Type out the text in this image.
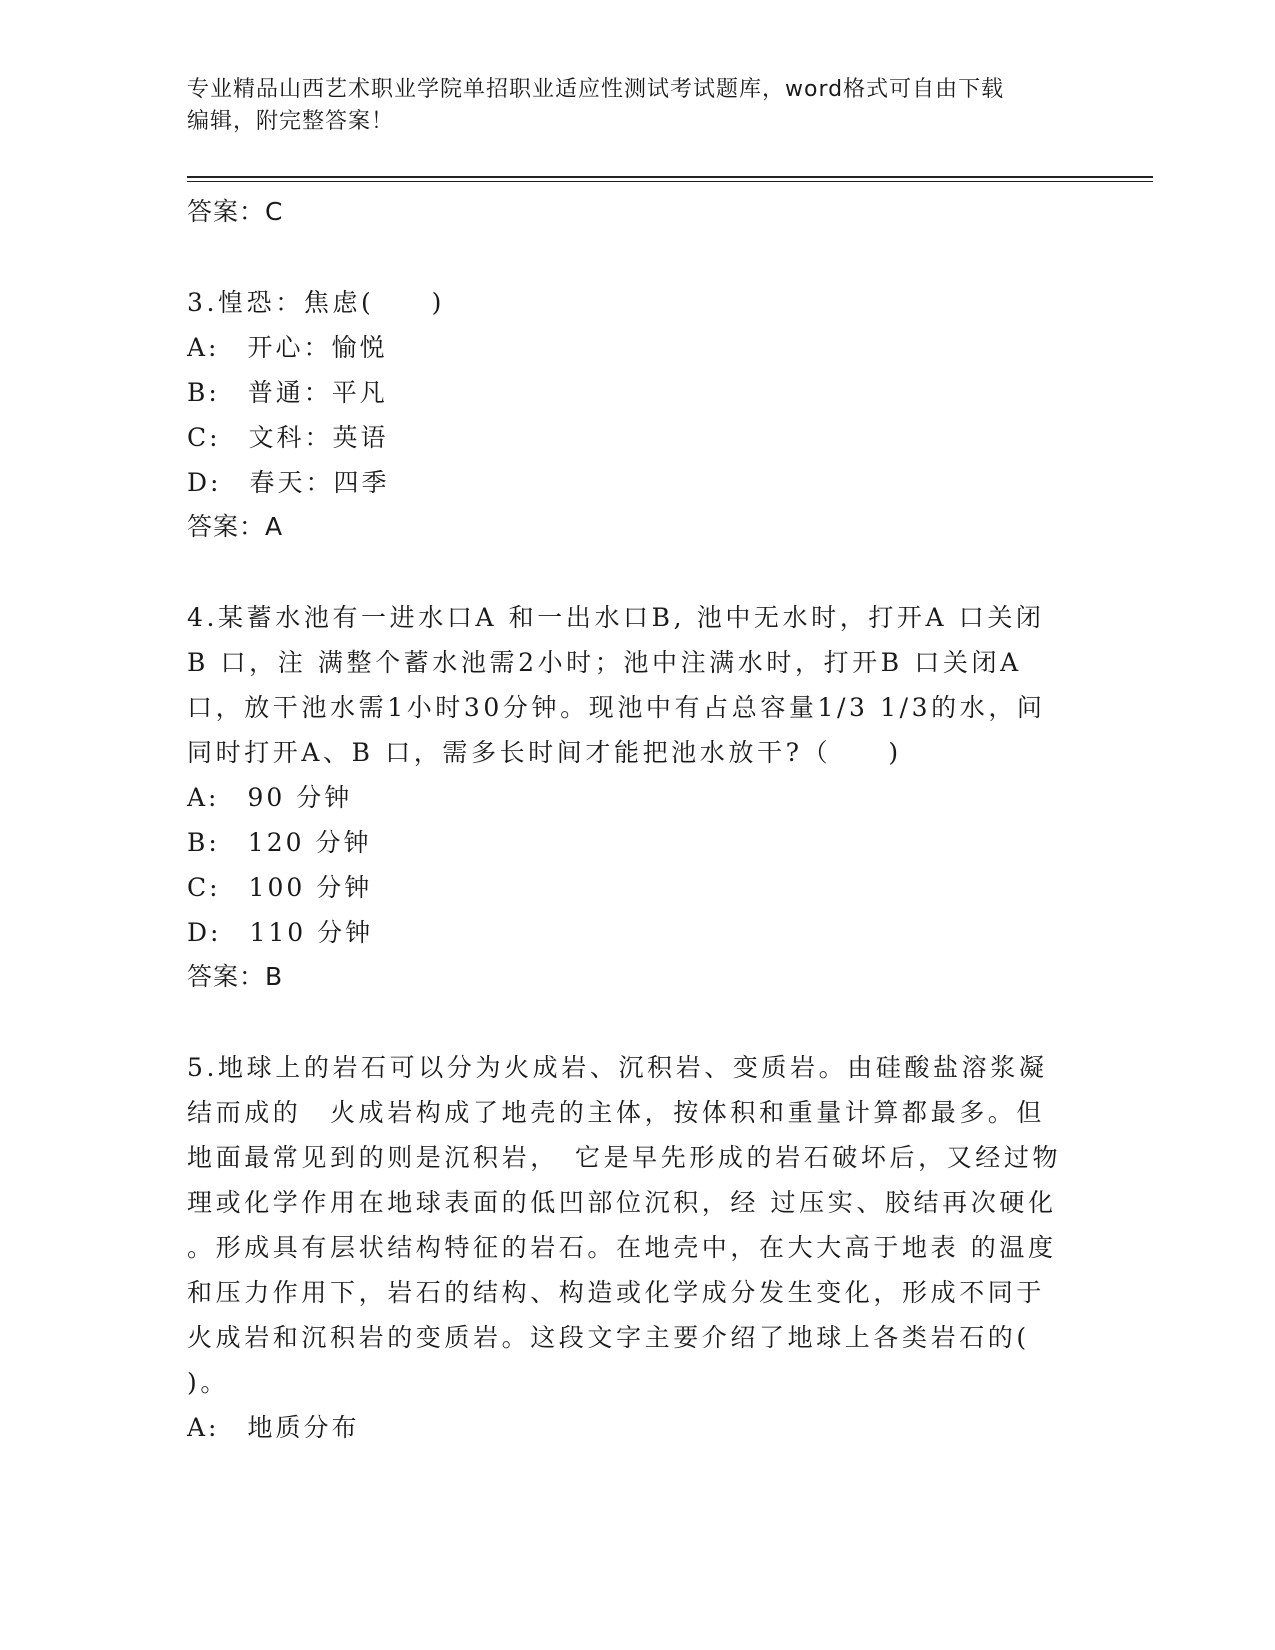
专业精品山西艺术职业学院单招职业适应性测试考试题库，word格式可自由下载
编辑，附完整答案！
答案：C
3.惶恐：焦虑(　　)
A:　开心：愉悦
B:　普通：平凡
C:　文科：英语
D:　春天：四季
答案：A
4.某蓄水池有一进水口A 和一出水口B, 池中无水时，打开A 口关闭
B 口，注 满整个蓄水池需2小时；池中注满水时，打开B 口关闭A
口，放干池水需1小时30分钟。现池中有占总容量1/3 1/3的水，问
同时打开A、B 口，需多长时间才能把池水放干?（　　)
A:　90 分钟
B:　120 分钟
C:　100 分钟
D:　110 分钟
答案：B
5.地球上的岩石可以分为火成岩、沉积岩、变质岩。由硅酸盐溶浆凝
结而成的　火成岩构成了地壳的主体，按体积和重量计算都最多。但
地面最常见到的则是沉积岩，　它是早先形成的岩石破坏后，又经过物
理或化学作用在地球表面的低凹部位沉积，经 过压实、胶结再次硬化
。形成具有层状结构特征的岩石。在地壳中，在大大高于地表 的温度
和压力作用下，岩石的结构、构造或化学成分发生变化，形成不同于
火成岩和沉积岩的变质岩。这段文字主要介绍了地球上各类岩石的(
)。
A:　地质分布
